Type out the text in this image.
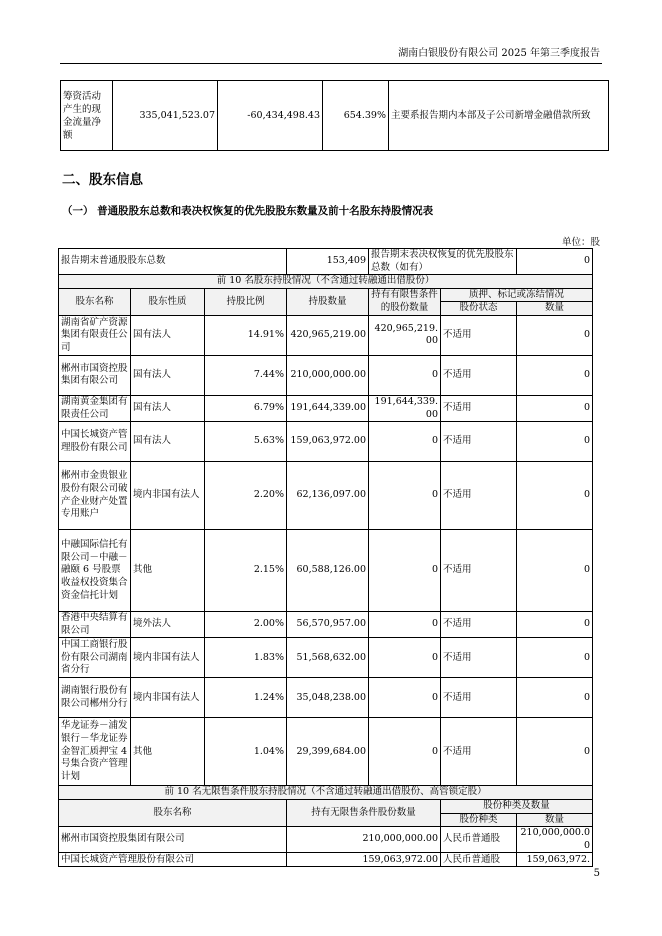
湖南白银股份有限公司 2025 年第三季度报告
筹资活动产生的现金流量净额	335,041,523.07	-60,434,498.43	654.39%	主要系报告期内本部及子公司新增金融借款所致
二、股东信息
（一） 普通股股东总数和表决权恢复的优先股股东数量及前十名股东持股情况表
单位：股
报告期末普通股股东总数			153,409	报告期末表决权恢复的优先股股东总数（如有）		0
前 10 名股东持股情况（不含通过转融通出借股份）						
股东名称	股东性质	持股比例	持股数量	持有有限售条件的股份数量	质押、标记或冻结情况	
					股份状态	数量
湖南省矿产资源集团有限责任公司	国有法人	14.91%	420,965,219.00	420,965,219.00	不适用	0
郴州市国资控股集团有限公司	国有法人	7.44%	210,000,000.00	0	不适用	0
湖南黄金集团有限责任公司	国有法人	6.79%	191,644,339.00	191,644,339.00	不适用	0
中国长城资产管理股份有限公司	国有法人	5.63%	159,063,972.00	0	不适用	0
郴州市金贵银业股份有限公司破产企业财产处置专用账户	境内非国有法人	2.20%	62,136,097.00	0	不适用	0
中融国际信托有限公司－中融－融颐 6 号股票收益权投资集合资金信托计划	其他	2.15%	60,588,126.00	0	不适用	0
香港中央结算有限公司	境外法人	2.00%	56,570,957.00	0	不适用	0
中国工商银行股份有限公司湖南省分行	境内非国有法人	1.83%	51,568,632.00	0	不适用	0
湖南银行股份有限公司郴州分行	境内非国有法人	1.24%	35,048,238.00	0	不适用	0
华龙证券－浦发银行－华龙证券金智汇质押宝 4 号集合资产管理计划	其他	1.04%	29,399,684.00	0	不适用	0
前 10 名无限售条件股东持股情况（不含通过转融通出借股份、高管锁定股）						
股东名称			持有无限售条件股份数量		股份种类及数量	
					股份种类	数量
郴州市国资控股集团有限公司			210,000,000.00		人民币普通股	210,000,000.00
中国长城资产管理股份有限公司			159,063,972.00		人民币普通股	159,063,972.
5
